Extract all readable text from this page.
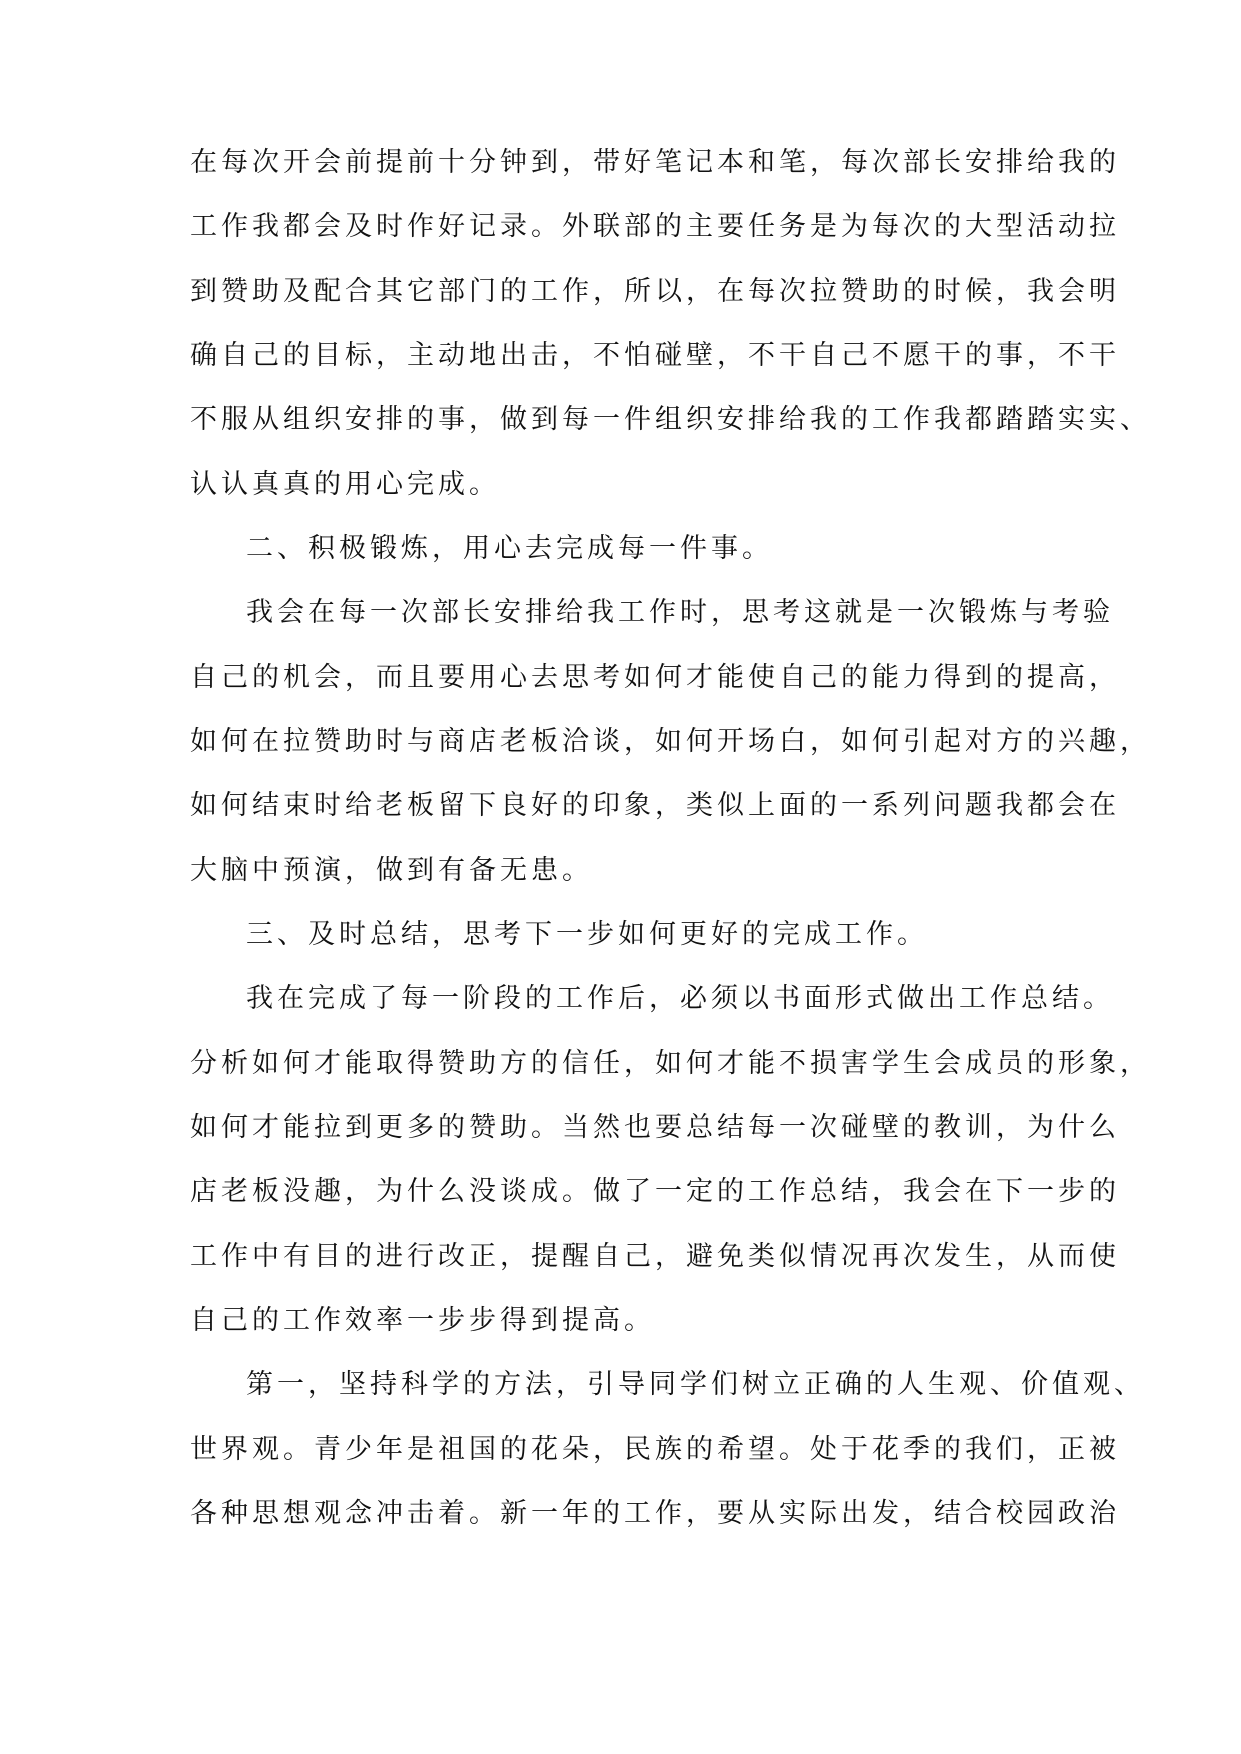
在每次开会前提前十分钟到，带好笔记本和笔，每次部长安排给我的
工作我都会及时作好记录。外联部的主要任务是为每次的大型活动拉
到赞助及配合其它部门的工作，所以，在每次拉赞助的时候，我会明
确自己的目标，主动地出击，不怕碰壁，不干自己不愿干的事，不干
不服从组织安排的事，做到每一件组织安排给我的工作我都踏踏实实、
认认真真的用心完成。
二、积极锻炼，用心去完成每一件事。
我会在每一次部长安排给我工作时，思考这就是一次锻炼与考验
自己的机会，而且要用心去思考如何才能使自己的能力得到的提高，
如何在拉赞助时与商店老板洽谈，如何开场白，如何引起对方的兴趣，
如何结束时给老板留下良好的印象，类似上面的一系列问题我都会在
大脑中预演，做到有备无患。
三、及时总结，思考下一步如何更好的完成工作。
我在完成了每一阶段的工作后，必须以书面形式做出工作总结。
分析如何才能取得赞助方的信任，如何才能不损害学生会成员的形象，
如何才能拉到更多的赞助。当然也要总结每一次碰壁的教训，为什么
店老板没趣，为什么没谈成。做了一定的工作总结，我会在下一步的
工作中有目的进行改正，提醒自己，避免类似情况再次发生，从而使
自己的工作效率一步步得到提高。
第一，坚持科学的方法，引导同学们树立正确的人生观、价值观、
世界观。青少年是祖国的花朵，民族的希望。处于花季的我们，正被
各种思想观念冲击着。新一年的工作，要从实际出发，结合校园政治
